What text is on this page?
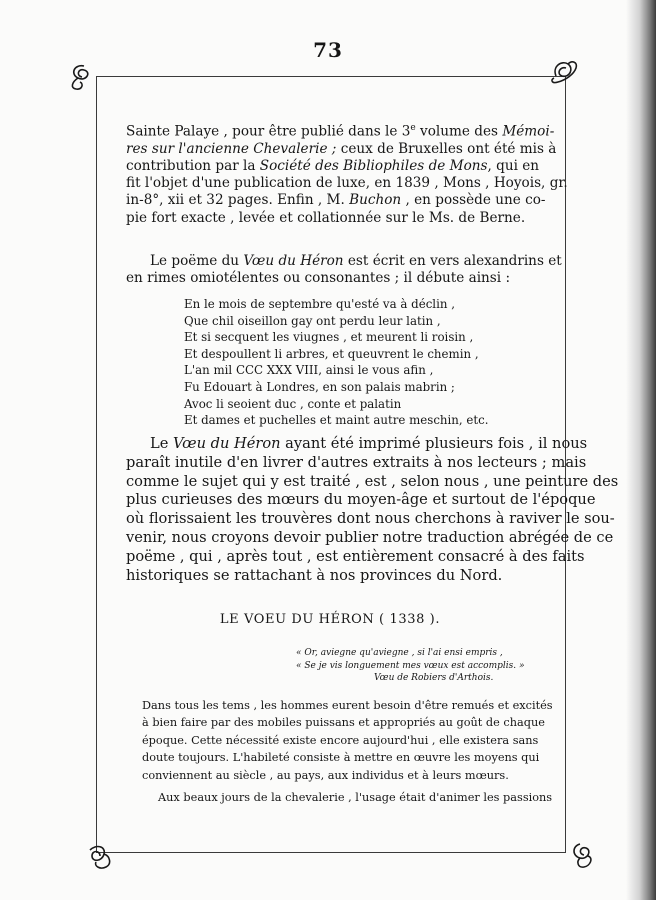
73
Sainte Palaye , pour être publié dans le 3e volume des Mémoi-
res sur l'ancienne Chevalerie ; ceux de Bruxelles ont été mis à
contribution par la Société des Bibliophiles de Mons, qui en
fit l'objet d'une publication de luxe, en 1839 , Mons , Hoyois, gr.
in-8°, xii et 32 pages. Enfin , M. Buchon , en possède une co-
pie fort exacte , levée et collationnée sur le Ms. de Berne.
Le poëme du Vœu du Héron est écrit en vers alexandrins et
en rimes omiotélentes ou consonantes ; il débute ainsi :
En le mois de septembre qu'esté va à déclin ,
Que chil oiseillon gay ont perdu leur latin ,
Et si secquent les viugnes , et meurent li roisin ,
Et despoullent li arbres, et queuvrent le chemin ,
L'an mil CCC XXX VIII, ainsi le vous afin ,
Fu Edouart à Londres, en son palais mabrin ;
Avoc li seoient duc , conte et palatin
Et dames et puchelles et maint autre meschin, etc.
Le Vœu du Héron ayant été imprimé plusieurs fois , il nous
paraît inutile d'en livrer d'autres extraits à nos lecteurs ; mais
comme le sujet qui y est traité , est , selon nous , une peinture des
plus curieuses des mœurs du moyen-âge et surtout de l'époque
où florissaient les trouvères dont nous cherchons à raviver le sou-
venir, nous croyons devoir publier notre traduction abrégée de ce
poëme , qui , après tout , est entièrement consacré à des faits
historiques se rattachant à nos provinces du Nord.
LE VOEU DU HÉRON ( 1338 ).
« Or, aviegne qu'aviegne , si l'ai ensi empris ,
« Se je vis longuement mes vœux est accomplis. »
Vœu de Robiers d'Arthois.
Dans tous les tems , les hommes eurent besoin d'être remués et excités
à bien faire par des mobiles puissans et appropriés au goût de chaque
époque. Cette nécessité existe encore aujourd'hui , elle existera sans
doute toujours. L'habileté consiste à mettre en œuvre les moyens qui
conviennent au siècle , au pays, aux individus et à leurs mœurs.
Aux beaux jours de la chevalerie , l'usage était d'animer les passions
